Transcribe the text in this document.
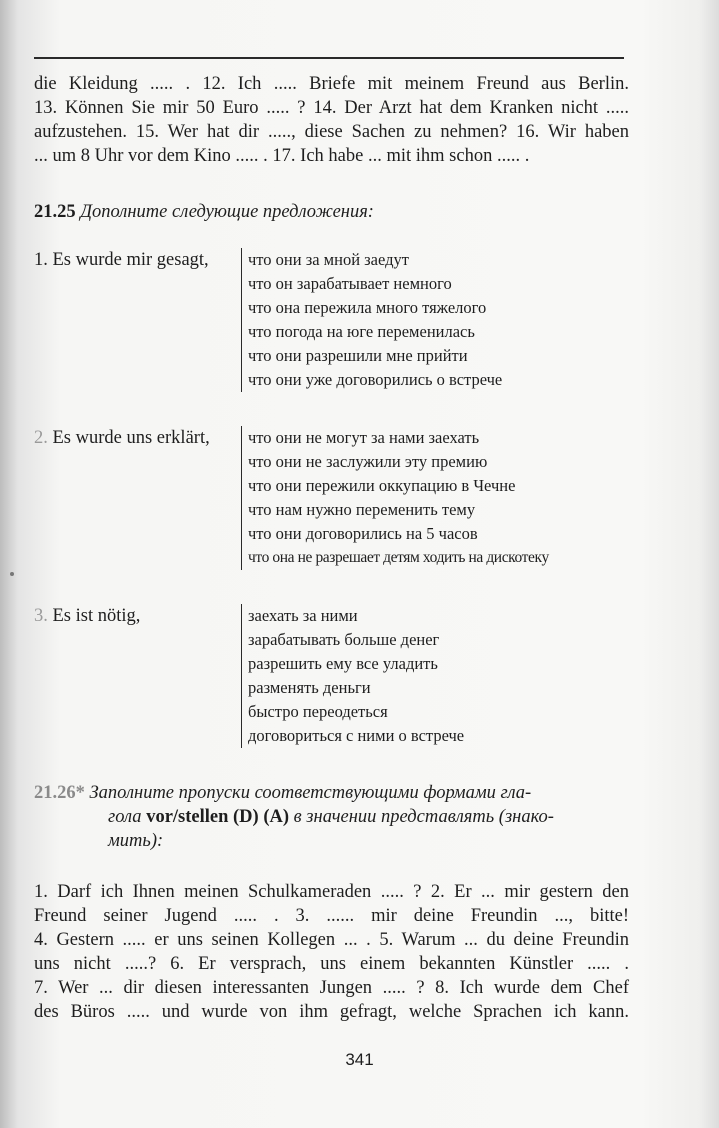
die Kleidung ..... . 12. Ich ..... Briefe mit meinem Freund aus Berlin.
13. Können Sie mir 50 Euro ..... ? 14. Der Arzt hat dem Kranken nicht .....
aufzustehen. 15. Wer hat dir ....., diese Sachen zu nehmen? 16. Wir haben
... um 8 Uhr vor dem Kino ..... . 17. Ich habe ... mit ihm schon ..... .
21.25 Дополните следующие предложения:
1. Es wurde mir gesagt, что они за мной заедут
что он зарабатывает немного
что она пережила много тяжелого
что погода на юге переменилась
что они разрешили мне прийти
что они уже договорились о встрече
2. Es wurde uns erklärt, что они не могут за нами заехать
что они не заслужили эту премию
что они пережили оккупацию в Чечне
что нам нужно переменить тему
что они договорились на 5 часов
что она не разрешает детям ходить на дискотеку
3. Es ist nötig,	заехать за ними
зарабатывать больше денег
разрешить ему все уладить
разменять деньги
быстро переодеться
договориться с ними о встрече
21.26* Заполните пропуски соответствующими формами гла-
гола vor/stellen (D) (A) в значении представлять (знако-
мить):
1. Darf ich Ihnen meinen Schulkameraden ..... ? 2. Er ... mir gestern den
Freund seiner Jugend ..... . 3. ...... mir deine Freundin ..., bitte!
4. Gestern ..... er uns seinen Kollegen ... . 5. Warum ... du deine Freundin
uns nicht .....? 6. Er versprach, uns einem bekannten Künstler ..... .
7. Wer ... dir diesen interessanten Jungen ..... ? 8. Ich wurde dem Chef
des Büros ..... und wurde von ihm gefragt, welche Sprachen ich kann.
341
